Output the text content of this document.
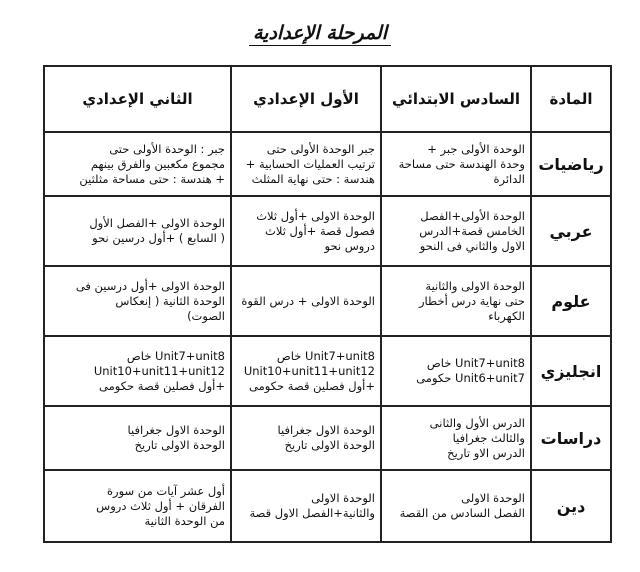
المرحلة الإعدادية
المادة	السادس الابتدائي	الأول الإعدادي	الثاني الإعدادي
رياضيات	الوحدة الأولى جبر +
وحدة الهندسة حتى مساحة
الدائرة	جبر الوحدة الأولى حتى
ترتيب العمليات الحسابية +
هندسة : حتى نهاية المثلث	جبر : الوحدة الأولى حتى
مجموع مكعبين والفرق بينهم
+ هندسة : حتى مساحة مثلثين

عربي	الوحدة الأولى+الفصل
الخامس قصة+الدرس
الاول والثاني فى النحو	الوحدة الاولى +أول ثلاث
فصول قصة +أول ثلاث
دروس نحو	الوحدة الاولى +الفصل الأول
( السابع ) +أول درسين نحو

علوم	الوحدة الاولى والثانية
حتى نهاية درس أخطار
الكهرباء	الوحدة الاولى + درس القوة	الوحدة الاولى +أول درسين فى
الوحدة الثانية ( إنعكاس
الصوت)

انجليزي	Unit7+unit8 خاص
Unit6+unit7 حكومى	Unit7+unit8 خاص
Unit10+unit11+unit12
+أول فصلين قصة حكومى	Unit7+unit8 خاص
Unit10+unit11+unit12
+أول فصلين قصة حكومى

دراسات	الدرس الأول والثانى
والثالث جغرافيا
الدرس الاو تاريخ	الوحدة الاول جغرافيا
الوحدة الاولى تاريخ	الوحدة الاول جغرافيا
الوحدة الاولى تاريخ

دين	الوحدة الاولى
الفصل السادس من القصة	الوحدة الاولى
والثانية+الفصل الاول قصة	أول عشر آيات من سورة
الفرقان + أول ثلاث دروس
من الوحدة الثانية
